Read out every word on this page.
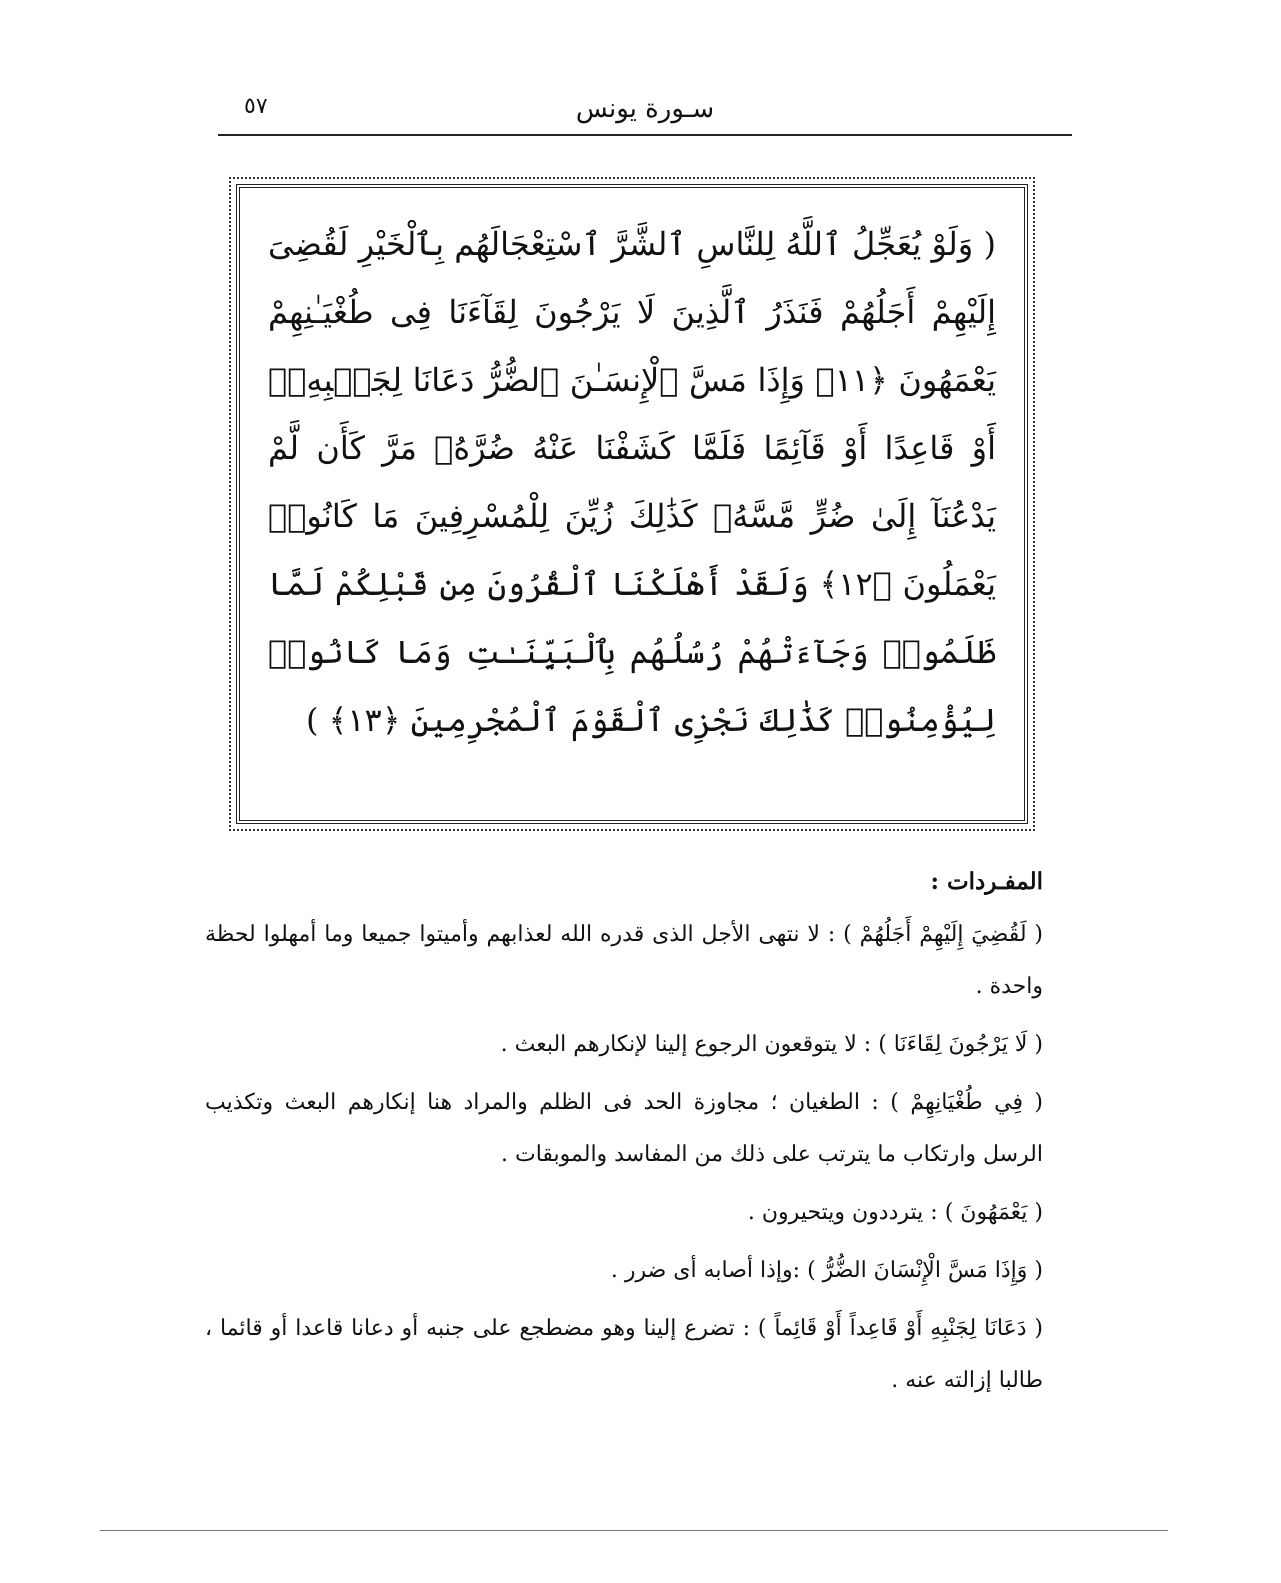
٥٧	سـورة يونس
( وَلَوْ يُعَجِّلُ ٱللَّهُ لِلنَّاسِ ٱلشَّرَّ ٱسْتِعْجَالَهُم بِٱلْخَيْرِ لَقُضِىَ إِلَيْهِمْ أَجَلُهُمْ فَنَذَرُ ٱلَّذِينَ لَا يَرْجُونَ لِقَآءَنَا فِى طُغْيَـٰنِهِمْ يَعْمَهُونَ ﴿١١﴾ وَإِذَا مَسَّ ٱلْإِنسَـٰنَ ٱلضُّرُّ دَعَانَا لِجَنۢبِهِۦٓ أَوْ قَاعِدًا أَوْ قَآئِمًا فَلَمَّا كَشَفْنَا عَنْهُ ضُرَّهُۥ مَرَّ كَأَن لَّمْ يَدْعُنَآ إِلَىٰ ضُرٍّ مَّسَّهُۥ كَذَٰلِكَ زُيِّنَ لِلْمُسْرِفِينَ مَا كَانُوا۟ يَعْمَلُونَ ﴿١٢﴾ وَلَقَدْ أَهْلَكْنَا ٱلْقُرُونَ مِن قَبْلِكُمْ لَمَّا ظَلَمُوا۟ وَجَآءَتْهُمْ رُسُلُهُم بِٱلْبَيِّنَـٰتِ وَمَا كَانُوا۟ لِيُؤْمِنُوا۟ كَذَٰلِكَ نَجْزِى ٱلْقَوْمَ ٱلْمُجْرِمِينَ ﴿١٣﴾ )
المفـردات :

( لَقُضِيَ إِلَيْهِمْ أَجَلُهُمْ ) : لا نتهى الأجل الذى قدره الله لعذابهم وأميتوا جميعا وما أمهلوا لحظة واحدة .

( لَا يَرْجُونَ لِقَاءَنَا ) : لا يتوقعون الرجوع إلينا لإنكارهم البعث .

( فِي طُغْيَانِهِمْ ) : الطغيان ؛ مجاوزة الحد فى الظلم والمراد هنا إنكارهم البعث وتكذيب الرسل وارتكاب ما يترتب على ذلك من المفاسد والموبقات .

( يَعْمَهُونَ ) : يترددون ويتحيرون .

( وَإِذَا مَسَّ الْإِنْسَانَ الضُّرُّ ) :وإذا أصابه أى ضرر .

( دَعَانَا لِجَنْبِهِ أَوْ قَاعِداً أَوْ قَائِماً ) : تضرع إلينا وهو مضطجع على جنبه أو دعانا قاعدا أو قائما ، طالبا إزالته عنه .
